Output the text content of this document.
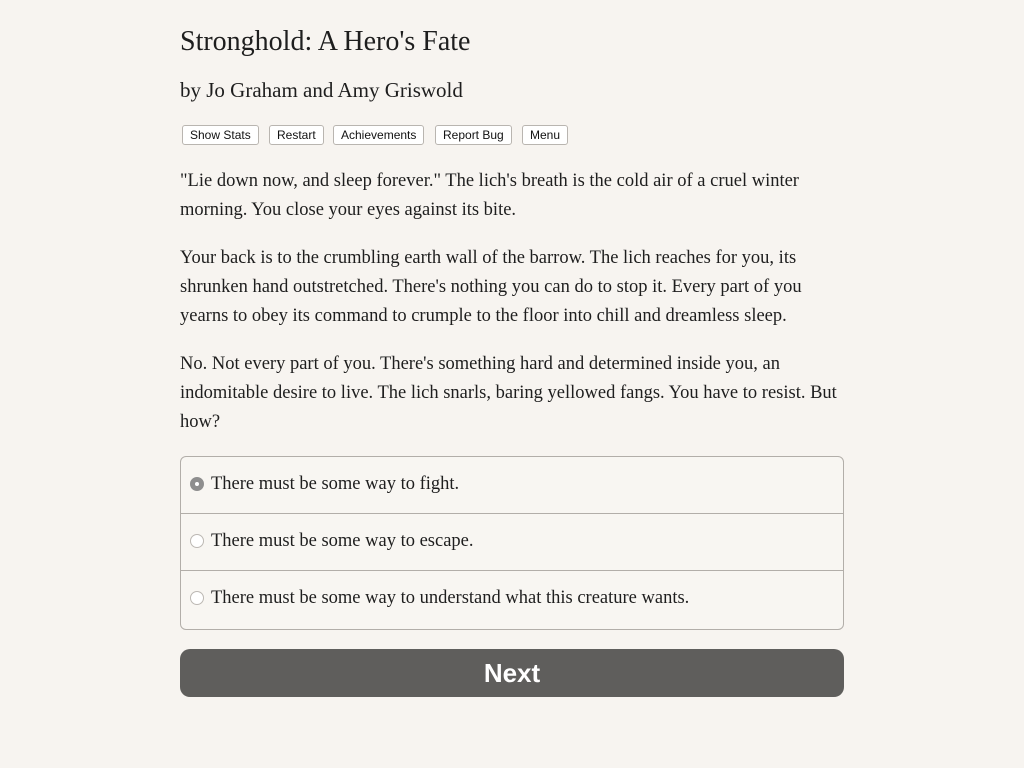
Stronghold: A Hero's Fate
by Jo Graham and Amy Griswold
Show Stats	Restart	Achievements	Report Bug	Menu

"Lie down now, and sleep forever." The lich's breath is the cold air of a cruel winter morning. You close your eyes against its bite.

Your back is to the crumbling earth wall of the barrow. The lich reaches for you, its shrunken hand outstretched. There's nothing you can do to stop it. Every part of you yearns to obey its command to crumple to the floor into chill and dreamless sleep.

No. Not every part of you. There's something hard and determined inside you, an indomitable desire to live. The lich snarls, baring yellowed fangs. You have to resist. But how?

There must be some way to fight.
There must be some way to escape.
There must be some way to understand what this creature wants.
Next
